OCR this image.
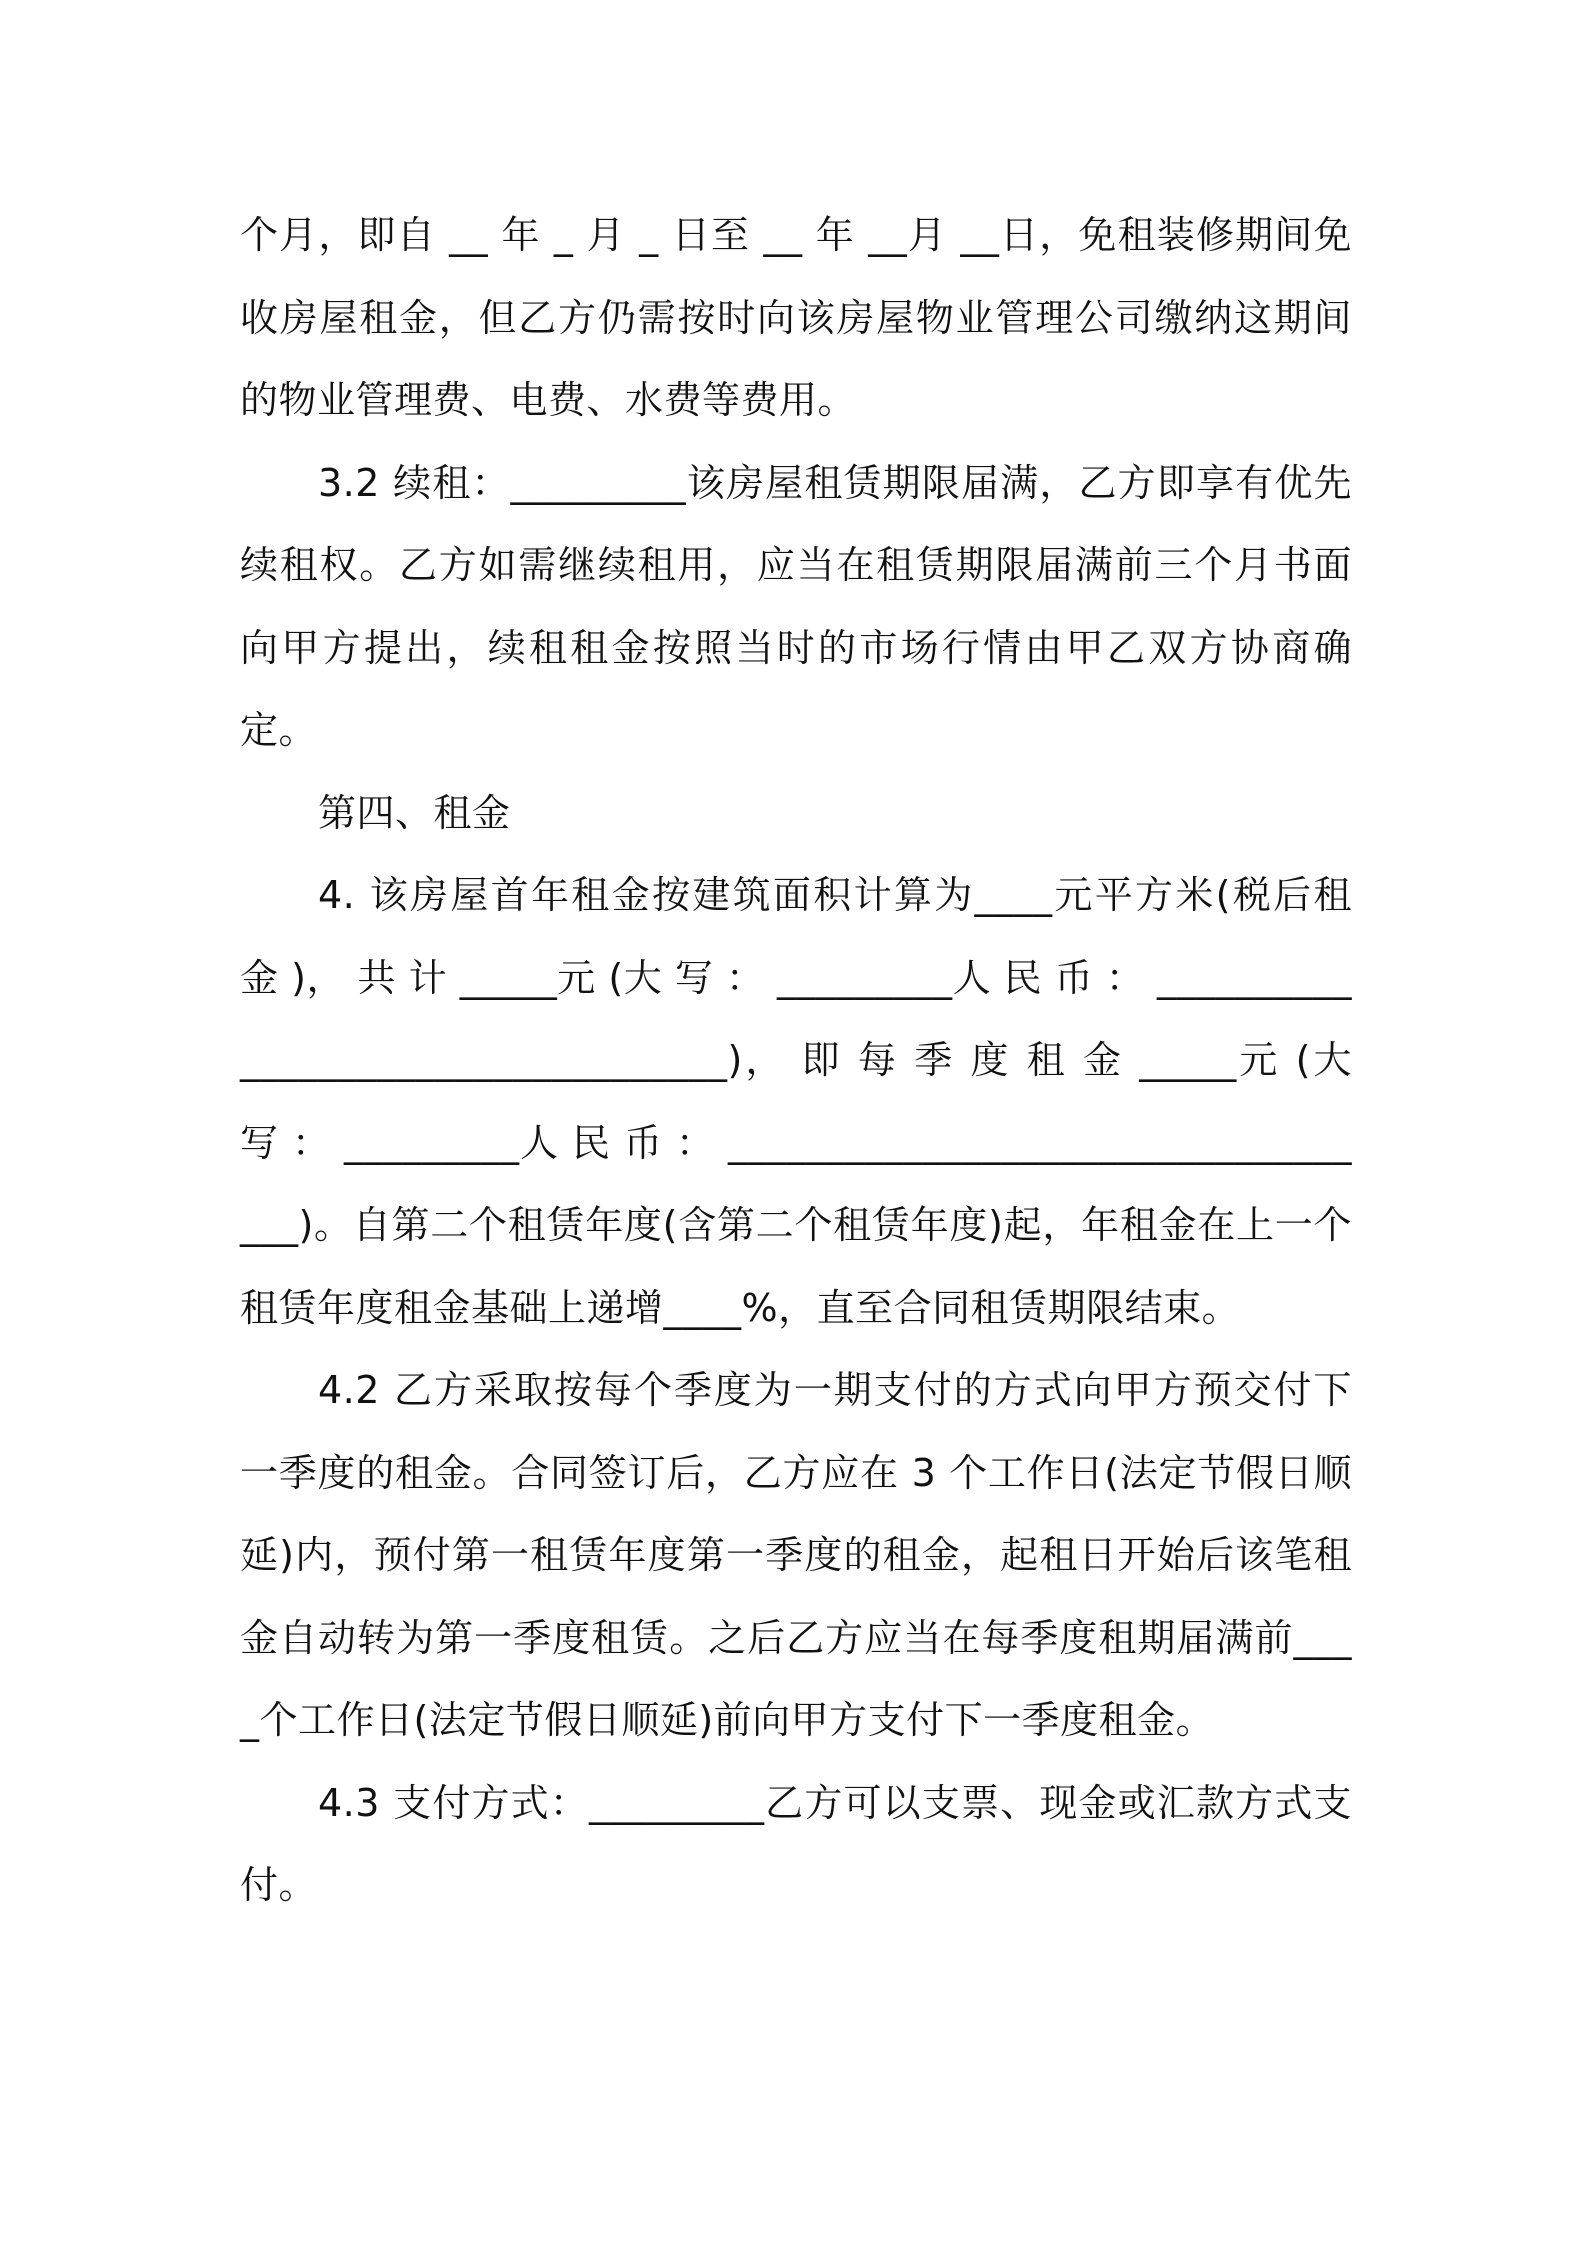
个月，即自 __ 年 _ 月 _ 日至 __ 年 __月 __日，免租装修期间免收房屋租金，但乙方仍需按时向该房屋物业管理公司缴纳这期间的物业管理费、电费、水费等费用。

3.2 续租：_________该房屋租赁期限届满，乙方即享有优先续租权。乙方如需继续租用，应当在租赁期限届满前三个月书面向甲方提出，续租租金按照当时的市场行情由甲乙双方协商确定。

第四、租金

4. 该房屋首年租金按建筑面积计算为____元平方米(税后租 金 )， 共 计 _____元 (大 写 ： _________人 民 币 ： ___________________________________)， 即 每 季 度 租 金 _____元 (大 写 ： _________人 民 币 ： ___________________________________)。自第二个租赁年度(含第二个租赁年度)起，年租金在上一个租赁年度租金基础上递增____%，直至合同租赁期限结束。

4.2 乙方采取按每个季度为一期支付的方式向甲方预交付下一季度的租金。合同签订后，乙方应在 3 个工作日(法定节假日顺延)内，预付第一租赁年度第一季度的租金，起租日开始后该笔租金自动转为第一季度租赁。之后乙方应当在每季度租期届满前____个工作日(法定节假日顺延)前向甲方支付下一季度租金。

4.3 支付方式：_________乙方可以支票、现金或汇款方式支付。
